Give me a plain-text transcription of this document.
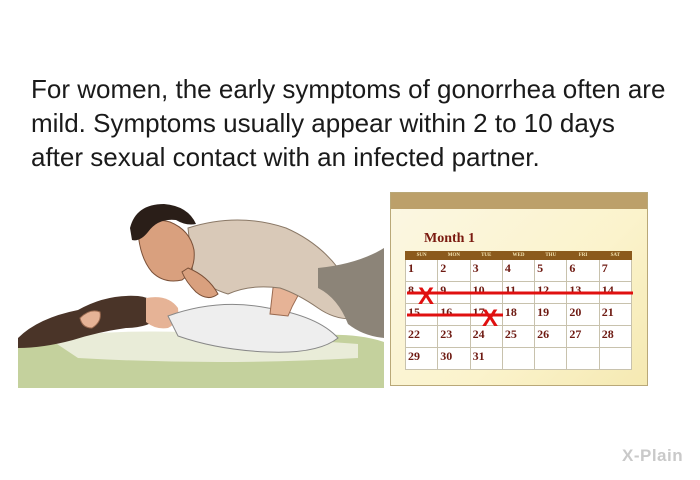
For women, the early symptoms of gonorrhea often are mild. Symptoms usually appear within 2 to 10 days after sexual contact with an infected partner.

Month 1
SUN	MON	TUE	WED	THU	FRI	SAT
1	2	3	4	5	6	7
8	9	10	11	12	13	14
15	16	17	18	19	20	21
22	23	24	25	26	27	28
29	30	31				
X
X
X-Plain
